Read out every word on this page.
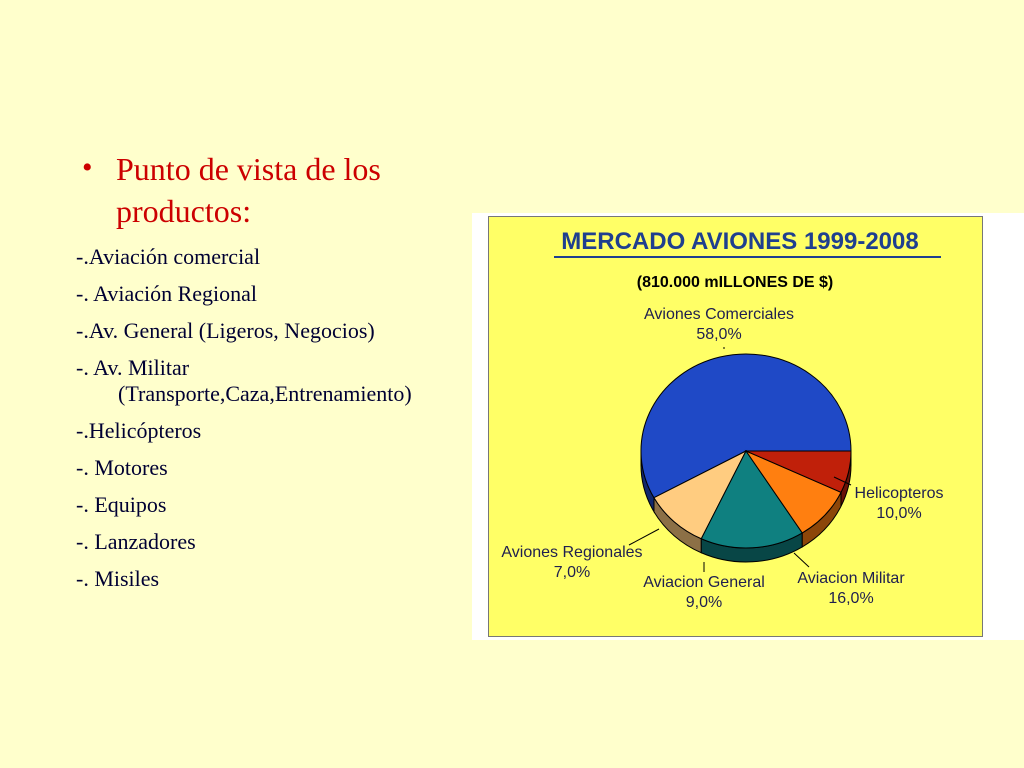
• Punto de vista de los productos:
-.Aviación comercial
-. Aviación Regional
-.Av. General (Ligeros, Negocios)
-. Av. Militar
(Transporte,Caza,Entrenamiento)
-.Helicópteros
-. Motores
-. Equipos
-. Lanzadores
-. Misiles
MERCADO AVIONES 1999-2008
(810.000 mILLONES DE $)
Aviones Comerciales
58,0%
Helicopteros
10,0%
Aviacion Militar
16,0%
Aviacion General
9,0%
Aviones Regionales
7,0%
